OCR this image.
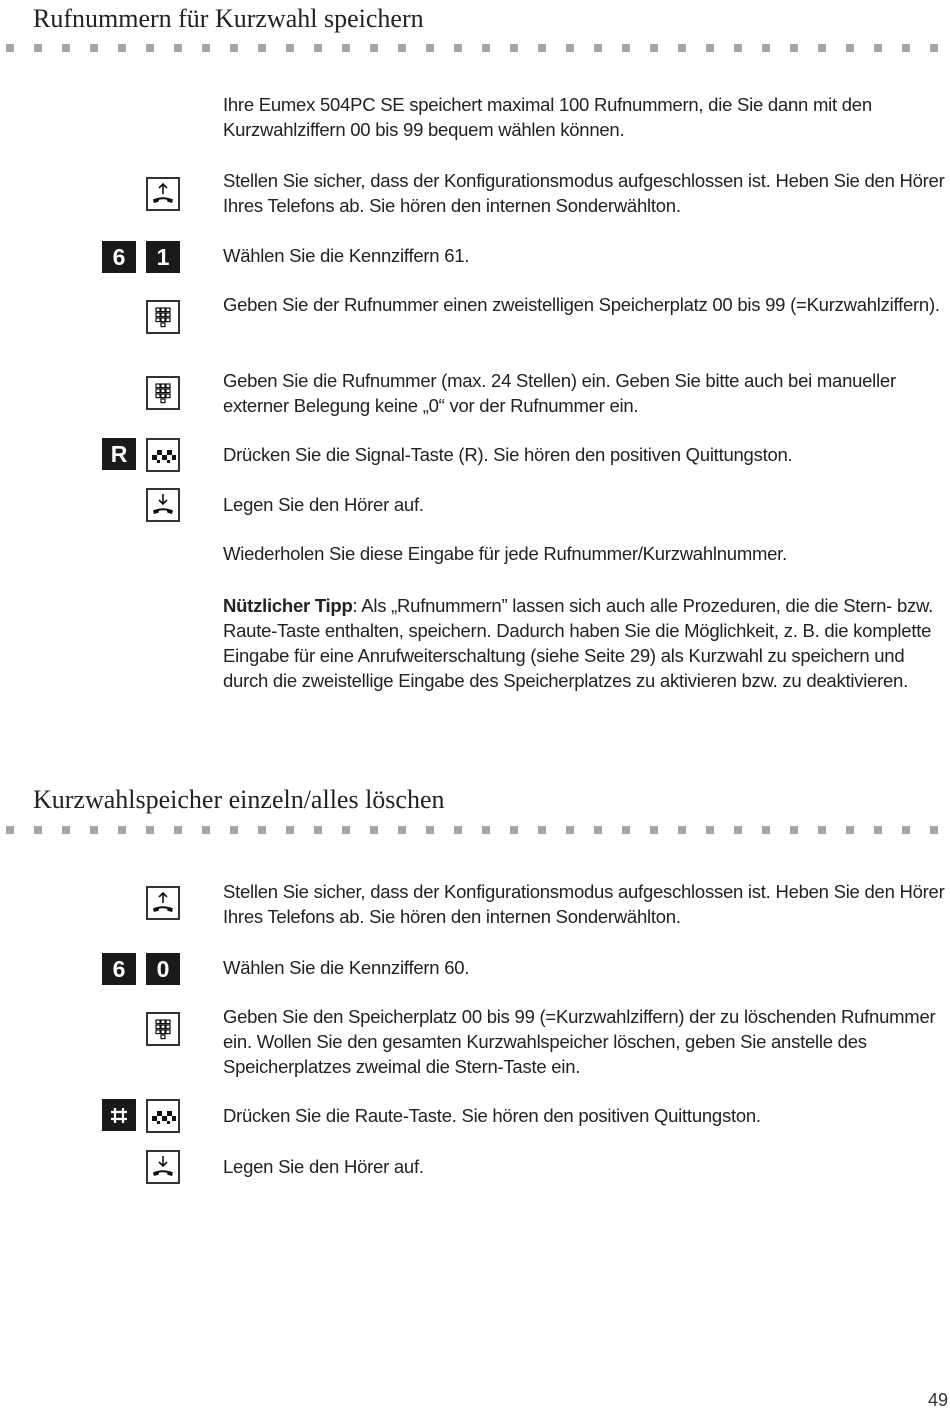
Rufnummern für Kurzwahl speichern

Ihre Eumex 504PC SE speichert maximal 100 Rufnummern, die Sie dann mit den Kurzwahlziffern 00 bis 99 bequem wählen können.

Stellen Sie sicher, dass der Konfigurationsmodus aufgeschlossen ist. Heben Sie den Hörer Ihres Telefons ab. Sie hören den internen Sonderwählton.

6	1	Wählen Sie die Kennziffern 61.

Geben Sie der Rufnummer einen zweistelligen Speicherplatz 00 bis 99 (=Kurzwahlziffern).

Geben Sie die Rufnummer (max. 24 Stellen) ein. Geben Sie bitte auch bei manueller externer Belegung keine „0“ vor der Rufnummer ein.

R	Drücken Sie die Signal-Taste (R). Sie hören den positiven Quittungston.

Legen Sie den Hörer auf.

Wiederholen Sie diese Eingabe für jede Rufnummer/Kurzwahlnummer.

Nützlicher Tipp: Als „Rufnummern” lassen sich auch alle Prozeduren, die die Stern- bzw. Raute-Taste enthalten, speichern. Dadurch haben Sie die Möglichkeit, z. B. die komplette Eingabe für eine Anrufweiterschaltung (siehe Seite 29) als Kurzwahl zu speichern und durch die zweistellige Eingabe des Speicherplatzes zu aktivieren bzw. zu deaktivieren.

Kurzwahlspeicher einzeln/alles löschen

Stellen Sie sicher, dass der Konfigurationsmodus aufgeschlossen ist. Heben Sie den Hörer Ihres Telefons ab. Sie hören den internen Sonderwählton.

6	0	Wählen Sie die Kennziffern 60.

Geben Sie den Speicherplatz 00 bis 99 (=Kurzwahlziffern) der zu löschenden Rufnummer ein. Wollen Sie den gesamten Kurzwahlspeicher löschen, geben Sie anstelle des Speicherplatzes zweimal die Stern-Taste ein.

Drücken Sie die Raute-Taste. Sie hören den positiven Quittungston.

Legen Sie den Hörer auf.

49
